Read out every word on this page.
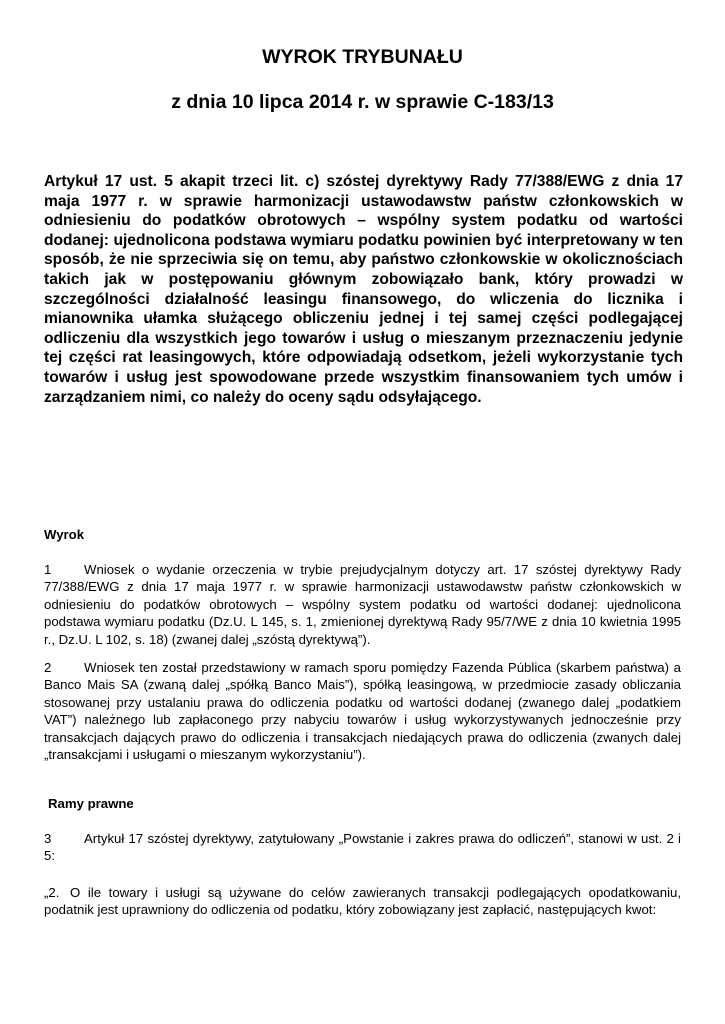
WYROK TRYBUNAŁU
z dnia 10 lipca 2014 r. w sprawie C-183/13

Artykuł 17 ust. 5 akapit trzeci lit. c) szóstej dyrektywy Rady 77/388/EWG z dnia 17 maja 1977 r. w sprawie harmonizacji ustawodawstw państw członkowskich w odniesieniu do podatków obrotowych – wspólny system podatku od wartości dodanej: ujednolicona podstawa wymiaru podatku powinien być interpretowany w ten sposób, że nie sprzeciwia się on temu, aby państwo członkowskie w okolicznościach takich jak w postępowaniu głównym zobowiązało bank, który prowadzi w szczególności działalność leasingu finansowego, do wliczenia do licznika i mianownika ułamka służącego obliczeniu jednej i tej samej części podlegającej odliczeniu dla wszystkich jego towarów i usług o mieszanym przeznaczeniu jedynie tej części rat leasingowych, które odpowiadają odsetkom, jeżeli wykorzystanie tych towarów i usług jest spowodowane przede wszystkim finansowaniem tych umów i zarządzaniem nimi, co należy do oceny sądu odsyłającego.

Wyrok

1 Wniosek o wydanie orzeczenia w trybie prejudycjalnym dotyczy art. 17 szóstej dyrektywy Rady 77/388/EWG z dnia 17 maja 1977 r. w sprawie harmonizacji ustawodawstw państw członkowskich w odniesieniu do podatków obrotowych – wspólny system podatku od wartości dodanej: ujednolicona podstawa wymiaru podatku (Dz.U. L 145, s. 1, zmienionej dyrektywą Rady 95/7/WE z dnia 10 kwietnia 1995 r., Dz.U. L 102, s. 18) (zwanej dalej „szóstą dyrektywą”).

2 Wniosek ten został przedstawiony w ramach sporu pomiędzy Fazenda Pública (skarbem państwa) a Banco Mais SA (zwaną dalej „spółką Banco Mais”), spółką leasingową, w przedmiocie zasady obliczania stosowanej przy ustalaniu prawa do odliczenia podatku od wartości dodanej (zwanego dalej „podatkiem VAT”) należnego lub zapłaconego przy nabyciu towarów i usług wykorzystywanych jednocześnie przy transakcjach dających prawo do odliczenia i transakcjach niedających prawa do odliczenia (zwanych dalej „transakcjami i usługami o mieszanym wykorzystaniu”).

Ramy prawne

3 Artykuł 17 szóstej dyrektywy, zatytułowany „Powstanie i zakres prawa do odliczeń”, stanowi w ust. 2 i 5:

„2. O ile towary i usługi są używane do celów zawieranych transakcji podlegających opodatkowaniu, podatnik jest uprawniony do odliczenia od podatku, który zobowiązany jest zapłacić, następujących kwot:
